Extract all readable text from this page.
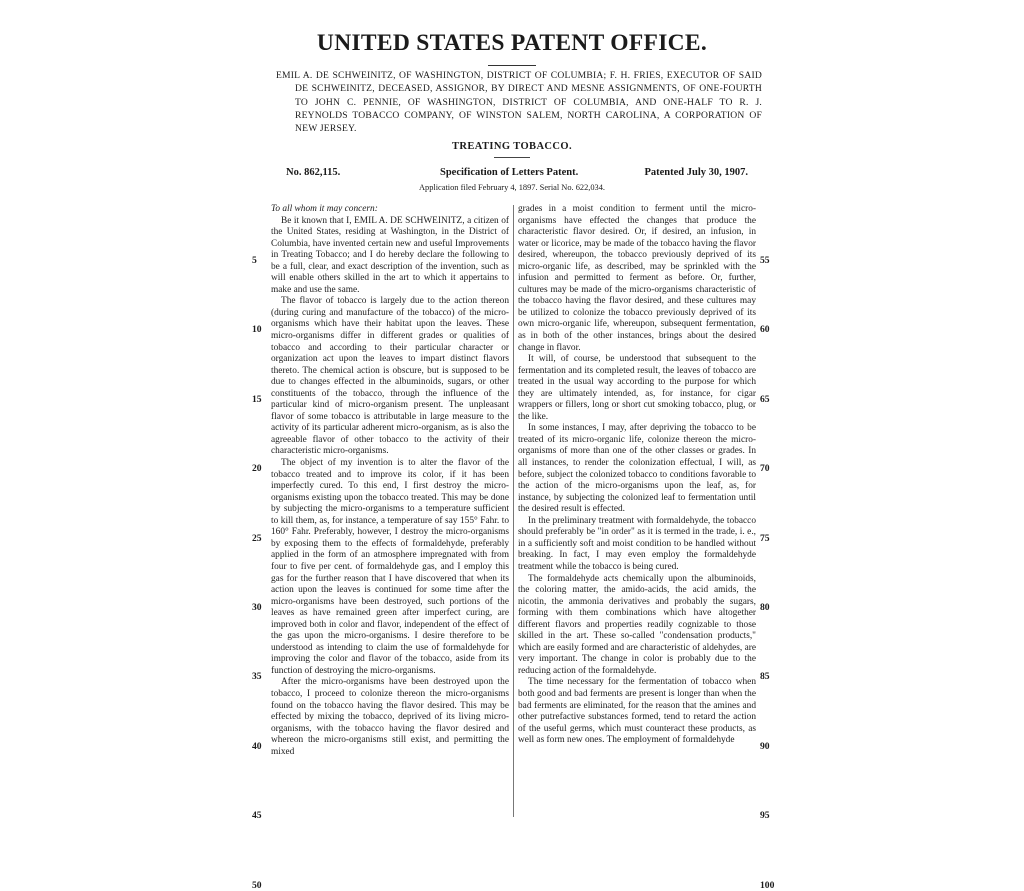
UNITED STATES PATENT OFFICE.

EMIL A. DE SCHWEINITZ, OF WASHINGTON, DISTRICT OF COLUMBIA; F. H. FRIES, EXECUTOR OF SAID DE SCHWEINITZ, DECEASED, ASSIGNOR, BY DIRECT AND MESNE ASSIGNMENTS, OF ONE-FOURTH TO JOHN C. PENNIE, OF WASHINGTON, DISTRICT OF COLUMBIA, AND ONE-HALF TO R. J. REYNOLDS TOBACCO COMPANY, OF WINSTON SALEM, NORTH CAROLINA, A CORPORATION OF NEW JERSEY.

TREATING TOBACCO.
No. 862,115.	Specification of Letters Patent.	Patented July 30, 1907.
Application filed February 4, 1897. Serial No. 622,034.

To all whom it may concern:

Be it known that I, EMIL A. DE SCHWEINITZ, a citizen of the United States, residing at Washington, in the District of Columbia, have invented certain new and useful Improvements in Treating Tobacco; and I do hereby declare the following to be a full, clear, and exact description of the invention, such as will enable others skilled in the art to which it appertains to make and use the same.

The flavor of tobacco is largely due to the action thereon (during curing and manufacture of the tobacco) of the micro-organisms which have their habitat upon the leaves. These micro-organisms differ in different grades or qualities of tobacco and according to their particular character or organization act upon the leaves to impart distinct flavors thereto. The chemical action is obscure, but is supposed to be due to changes effected in the albuminoids, sugars, or other constituents of the tobacco, through the influence of the particular kind of micro-organism present. The unpleasant flavor of some tobacco is attributable in large measure to the activity of its particular adherent micro-organism, as is also the agreeable flavor of other tobacco to the activity of their characteristic micro-organisms.

The object of my invention is to alter the flavor of the tobacco treated and to improve its color, if it has been imperfectly cured. To this end, I first destroy the micro-organisms existing upon the tobacco treated. This may be done by subjecting the micro-organisms to a temperature sufficient to kill them, as, for instance, a temperature of say 155° Fahr. to 160° Fahr. Preferably, however, I destroy the micro-organisms by exposing them to the effects of formaldehyde, preferably applied in the form of an atmosphere impregnated with from four to five per cent. of formaldehyde gas, and I employ this gas for the further reason that I have discovered that when its action upon the leaves is continued for some time after the micro-organisms have been destroyed, such portions of the leaves as have remained green after imperfect curing, are improved both in color and flavor, independent of the effect of the gas upon the micro-organisms. I desire therefore to be understood as intending to claim the use of formaldehyde for improving the color and flavor of the tobacco, aside from its function of destroying the micro-organisms.

After the micro-organisms have been destroyed upon the tobacco, I proceed to colonize thereon the micro-organisms found on the tobacco having the flavor desired. This may be effected by mixing the tobacco, deprived of its living micro-organisms, with the tobacco having the flavor desired and whereon the micro-organisms still exist, and permitting the mixed

grades in a moist condition to ferment until the micro-organisms have effected the changes that produce the characteristic flavor desired. Or, if desired, an infusion, in water or licorice, may be made of the tobacco having the flavor desired, whereupon, the tobacco previously deprived of its micro-organic life, as described, may be sprinkled with the infusion and permitted to ferment as before. Or, further, cultures may be made of the micro-organisms characteristic of the tobacco having the flavor desired, and these cultures may be utilized to colonize the tobacco previously deprived of its own micro-organic life, whereupon, subsequent fermentation, as in both of the other instances, brings about the desired change in flavor.

It will, of course, be understood that subsequent to the fermentation and its completed result, the leaves of tobacco are treated in the usual way according to the purpose for which they are ultimately intended, as, for instance, for cigar wrappers or fillers, long or short cut smoking tobacco, plug, or the like.

In some instances, I may, after depriving the tobacco to be treated of its micro-organic life, colonize thereon the micro-organisms of more than one of the other classes or grades. In all instances, to render the colonization effectual, I will, as before, subject the colonized tobacco to conditions favorable to the action of the micro-organisms upon the leaf, as, for instance, by subjecting the colonized leaf to fermentation until the desired result is effected.

In the preliminary treatment with formaldehyde, the tobacco should preferably be "in order" as it is termed in the trade, i. e., in a sufficiently soft and moist condition to be handled without breaking. In fact, I may even employ the formaldehyde treatment while the tobacco is being cured.

The formaldehyde acts chemically upon the albuminoids, the coloring matter, the amido-acids, the acid amids, the nicotin, the ammonia derivatives and probably the sugars, forming with them combinations which have altogether different flavors and properties readily cognizable to those skilled in the art. These so-called "condensation products," which are easily formed and are characteristic of aldehydes, are very important. The change in color is probably due to the reducing action of the formaldehyde.

The time necessary for the fermentation of tobacco when both good and bad ferments are present is longer than when the bad ferments are eliminated, for the reason that the amines and other putrefactive substances formed, tend to retard the action of the useful germs, which must counteract these products, as well as form new ones. The employment of formaldehyde

5
10
15
20
25
30
35
40
45
50
55
60
65
70
75
80
85
90
95
100
